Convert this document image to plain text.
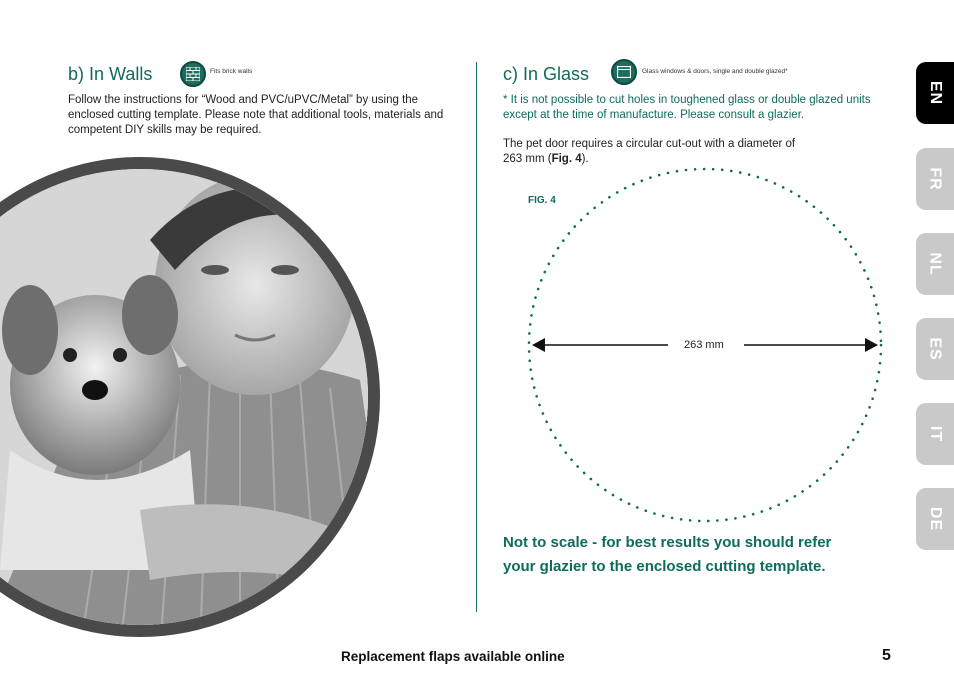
b) In Walls	Fits brick walls
Follow the instructions for “Wood and PVC/uPVC/Metal” by using the enclosed cutting template. Please note that additional tools, materials and competent DIY skills may be required.
c) In Glass	Glass windows & doors, single and double glazed*
* It is not possible to cut holes in toughened glass or double glazed units except at the time of manufacture. Please consult a glazier.
The pet door requires a circular cut-out with a diameter of
263 mm (Fig. 4).
FIG. 4
263 mm
Not to scale - for best results you should refer
your glazier to the enclosed cutting template.
EN
FR
NL
ES
IT
DE
Replacement flaps available online	5
